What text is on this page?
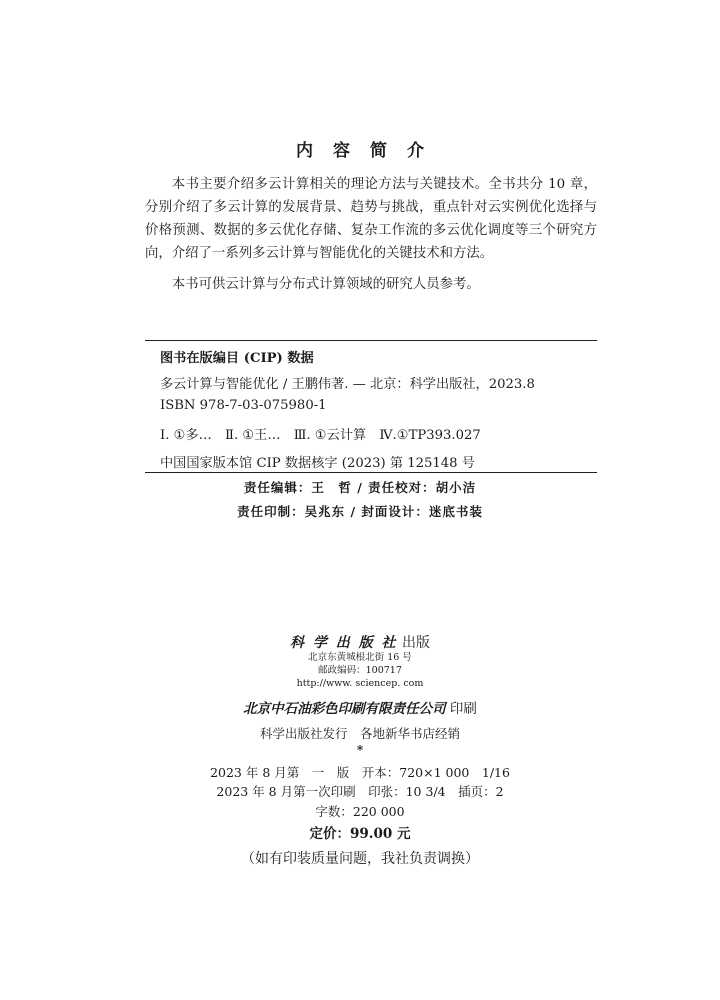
内容简介

本书主要介绍多云计算相关的理论方法与关键技术。全书共分 10 章，分别介绍了多云计算的发展背景、趋势与挑战，重点针对云实例优化选择与价格预测、数据的多云优化存储、复杂工作流的多云优化调度等三个研究方向，介绍了一系列多云计算与智能优化的关键技术和方法。

本书可供云计算与分布式计算领域的研究人员参考。

图书在版编目 (CIP) 数据
多云计算与智能优化 / 王鹏伟著. — 北京：科学出版社，2023.8
ISBN 978-7-03-075980-1
Ⅰ. ①多…　Ⅱ. ①王…　Ⅲ. ①云计算　Ⅳ.①TP393.027
中国国家版本馆 CIP 数据核字 (2023) 第 125148 号
责任编辑：王　哲 / 责任校对：胡小洁
责任印制：吴兆东 / 封面设计：迷底书装
科 学 出 版 社 出版
北京东黄城根北街 16 号
邮政编码：100717
http://www. sciencep. com
北京中石油彩色印刷有限责任公司 印刷
科学出版社发行　各地新华书店经销
*
2023 年 8 月第　一　版　开本：720×1 000　1/16
2023 年 8 月第一次印刷　印张：10 3/4　插页：2
字数：220 000
定价：99.00 元
（如有印装质量问题，我社负责调换）
